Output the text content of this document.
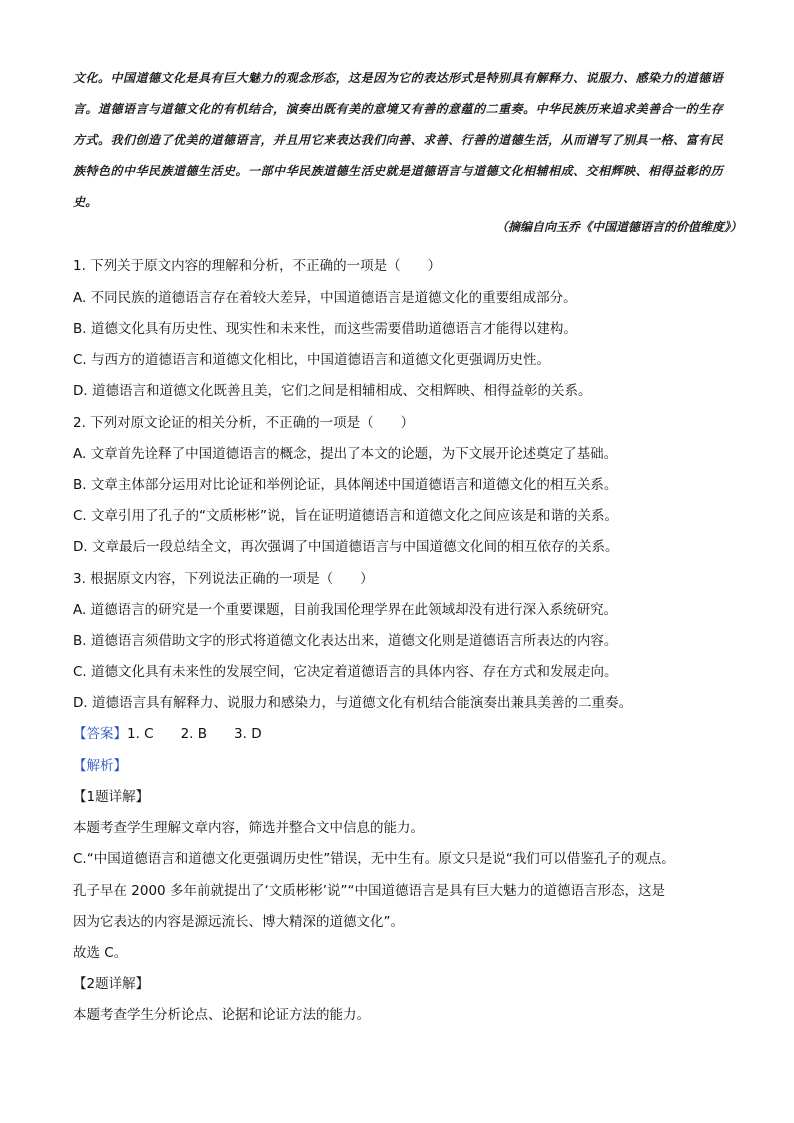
文化。中国道德文化是具有巨大魅力的观念形态，这是因为它的表达形式是特别具有解释力、说服力、感染力的道德语言。道德语言与道德文化的有机结合，演奏出既有美的意境又有善的意蕴的二重奏。中华民族历来追求美善合一的生存方式。我们创造了优美的道德语言，并且用它来表达我们向善、求善、行善的道德生活，从而谱写了别具一格、富有民族特色的中华民族道德生活史。一部中华民族道德生活史就是道德语言与道德文化相辅相成、交相辉映、相得益彰的历史。

（摘编自向玉乔《中国道德语言的价值维度》）
1. 下列关于原文内容的理解和分析，不正确的一项是（　　）
A. 不同民族的道德语言存在着较大差异，中国道德语言是道德文化的重要组成部分。
B. 道德文化具有历史性、现实性和未来性，而这些需要借助道德语言才能得以建构。
C. 与西方的道德语言和道德文化相比，中国道德语言和道德文化更强调历史性。
D. 道德语言和道德文化既善且美，它们之间是相辅相成、交相辉映、相得益彰的关系。
2. 下列对原文论证的相关分析，不正确的一项是（　　）
A. 文章首先诠释了中国道德语言的概念，提出了本文的论题，为下文展开论述奠定了基础。
B. 文章主体部分运用对比论证和举例论证，具体阐述中国道德语言和道德文化的相互关系。
C. 文章引用了孔子的“文质彬彬”说，旨在证明道德语言和道德文化之间应该是和谐的关系。
D. 文章最后一段总结全文，再次强调了中国道德语言与中国道德文化间的相互依存的关系。
3. 根据原文内容，下列说法正确的一项是（　　）
A. 道德语言的研究是一个重要课题，目前我国伦理学界在此领域却没有进行深入系统研究。
B. 道德语言须借助文字的形式将道德文化表达出来，道德文化则是道德语言所表达的内容。
C. 道德文化具有未来性的发展空间，它决定着道德语言的具体内容、存在方式和发展走向。
D. 道德语言具有解释力、说服力和感染力，与道德文化有机结合能演奏出兼具美善的二重奏。
【答案】1. C　　2. B　　3. D
【解析】
【1题详解】
本题考查学生理解文章内容，筛选并整合文中信息的能力。
C.“中国道德语言和道德文化更强调历史性”错误，无中生有。原文只是说“我们可以借鉴孔子的观点。
孔子早在 2000 多年前就提出了‘文质彬彬’说”“中国道德语言是具有巨大魅力的道德语言形态，这是
因为它表达的内容是源远流长、博大精深的道德文化”。
故选 C。
【2题详解】
本题考查学生分析论点、论据和论证方法的能力。
